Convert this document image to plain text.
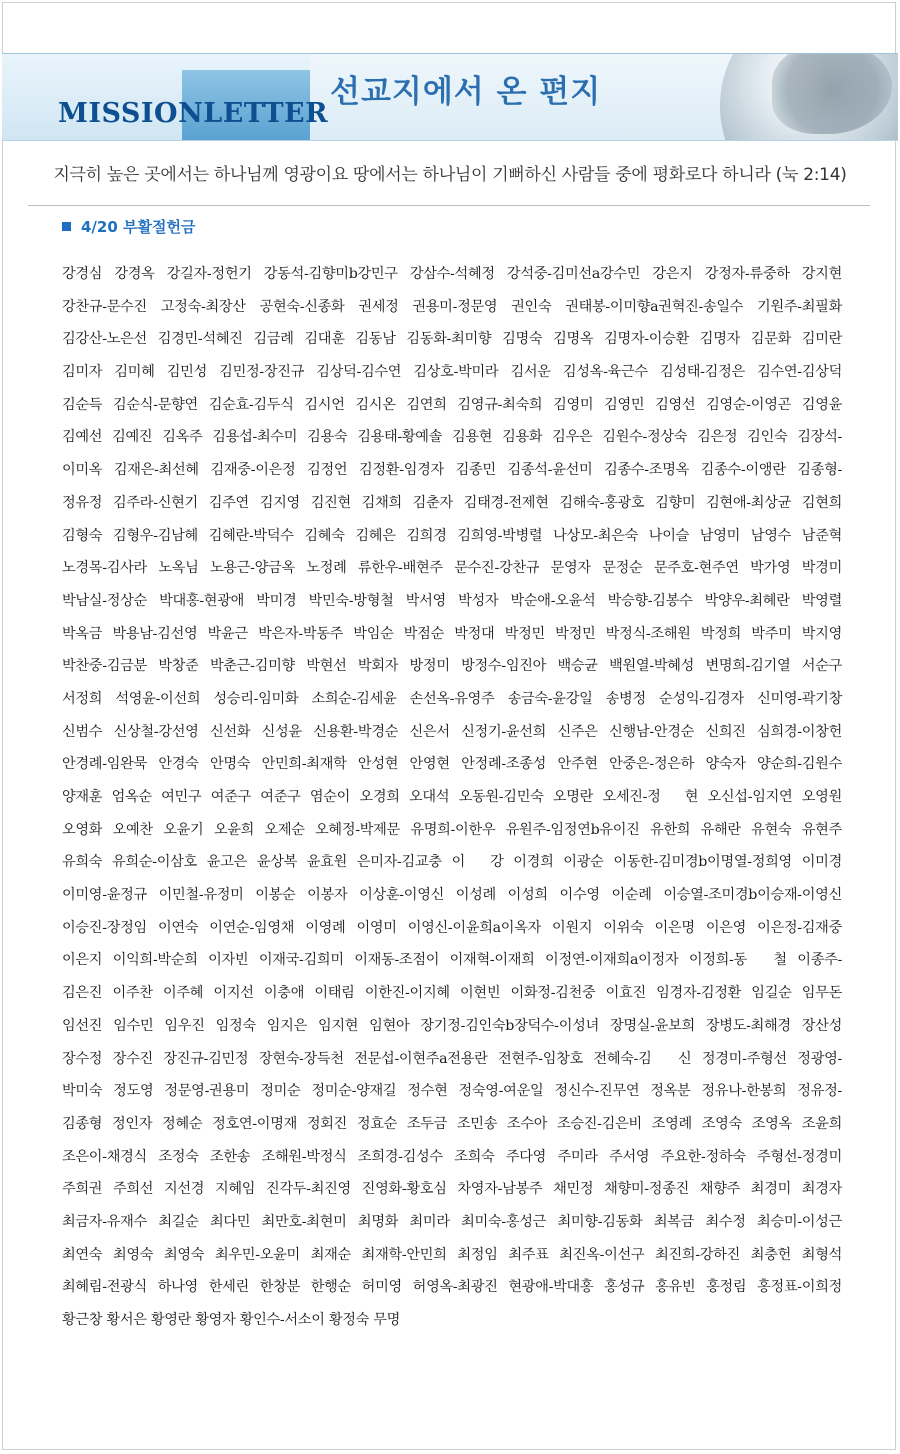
MISSIONLETTER
선교지에서 온 편지
지극히 높은 곳에서는 하나님께 영광이요 땅에서는 하나님이 기뻐하신 사람들 중에 평화로다 하니라 (눅 2:14)
4/20 부활절헌금
강경심 강경옥 강길자-정헌기 강동석-김향미b강민구 강삼수-석혜정 강석중-김미선a강수민 강은지 강정자-류중하 강지현
강찬규-문수진 고정숙-최장산 공현숙-신종화 권세정 권용미-정문영 권인숙 권태봉-이미향a권혁진-송일수 기원주-최필화
김강산-노은선 김경민-석혜진 김금례 김대훈 김동남 김동화-최미향 김명숙 김명옥 김명자-이승환 김명자 김문화 김미란
김미자 김미혜 김민성 김민정-장진규 김상덕-김수연 김상호-박미라 김서운 김성옥-육근수 김성태-김정은 김수연-김상덕
김순득 김순식-문향연 김순효-김두식 김시언 김시온 김연희 김영규-최숙희 김영미 김영민 김영선 김영순-이영곤 김영윤
김예선 김예진 김옥주 김용섭-최수미 김용숙 김용태-황예솔 김용현 김용화 김우은 김원수-정상숙 김은정 김인숙 김장석-
이미옥 김재은-최선혜 김재중-이은정 김정언 김정환-임경자 김종민 김종석-윤선미 김종수-조명옥 김종수-이앵란 김종형-
정유정 김주라-신현기 김주연 김지영 김진현 김채희 김춘자 김태경-전제현 김해숙-홍광호 김향미 김현애-최상균 김현희
김형숙 김형우-김남혜 김혜란-박덕수 김혜숙 김혜은 김희경 김희영-박병렬 나상모-최은숙 나이슬 남영미 남영수 남준혁
노경목-김사라 노옥님 노용근-양금옥 노정례 류한우-배현주 문수진-강찬규 문영자 문정순 문주호-현주연 박가영 박경미
박남실-정상순 박대홍-현광애 박미경 박민숙-방형철 박서영 박성자 박순애-오윤석 박승향-김봉수 박양우-최혜란 박영렬
박옥금 박용남-김선영 박윤근 박은자-박동주 박임순 박점순 박정대 박정민 박정민 박정식-조해원 박정희 박주미 박지영
박찬중-김금분 박창준 박춘근-김미향 박현선 박회자 방정미 방정수-임진아 백승균 백원열-박혜성 변명희-김기열 서순구
서정희 석영윤-이선희 성승리-임미화 소희순-김세윤 손선옥-유영주 송금숙-윤강일 송병정 순성익-김경자 신미영-곽기창
신범수 신상철-강선영 신선화 신성윤 신용환-박경순 신은서 신정기-윤선희 신주은 신행남-안경순 신희진 심희경-이창헌
안경례-임완묵 안경숙 안명숙 안민희-최재학 안성현 안영현 안정례-조종성 안주현 안중은-정은하 양숙자 양순희-김원수
양재훈 엄옥순 여민구 여준구 여준구 염순이 오경희 오대석 오동원-김민숙 오명란 오세진-정　현 오신섭-임지연 오영원
오영화 오예찬 오윤기 오윤희 오제순 오혜정-박제문 유명희-이한우 유원주-임정연b유이진 유한희 유해란 유현숙 유현주
유희숙 유희순-이삼호 윤고은 윤상복 윤효원 은미자-김교충 이　강 이경희 이광순 이동한-김미경b이명열-정희영 이미경
이미영-윤정규 이민철-유정미 이봉순 이봉자 이상훈-이영신 이성례 이성희 이수영 이순례 이승열-조미경b이승재-이영신
이승진-장정임 이연숙 이연순-임영채 이영례 이영미 이영신-이윤희a이옥자 이원지 이위숙 이은명 이은영 이은정-김재중
이은지 이익희-박순희 이자빈 이재국-김희미 이재동-조점이 이재혁-이재희 이정연-이재희a이정자 이정희-동　철 이종주-
김은진 이주찬 이주혜 이지선 이충애 이태림 이한진-이지혜 이현빈 이화정-김천중 이효진 임경자-김정환 임길순 임무돈
임선진 임수민 임우진 임정숙 임지은 임지현 임현아 장기정-김인숙b장덕수-이성녀 장명실-윤보희 장병도-최해경 장산성
장수정 장수진 장진규-김민정 장현숙-장득천 전문섭-이현주a전용란 전현주-임창호 전혜숙-김　신 정경미-주형선 정광영-
박미숙 정도영 정문영-권용미 정미순 정미순-양재길 정수현 정숙영-여운일 정신수-진무연 정옥분 정유나-한봉희 정유정-
김종형 정인자 정혜순 정호연-이명재 정회진 정효순 조두금 조민송 조수아 조승진-김은비 조영례 조영숙 조영옥 조윤희
조은이-채경식 조정숙 조한송 조해원-박정식 조희경-김성수 조희숙 주다영 주미라 주서영 주요한-정하숙 주형선-정경미
주희권 주희선 지선경 지혜임 진각두-최진영 진영화-황호심 차영자-남봉주 채민정 채향미-정종진 채향주 최경미 최경자
최금자-유재수 최길순 최다민 최만호-최현미 최명화 최미라 최미숙-홍성근 최미향-김동화 최복금 최수정 최승미-이성근
최연숙 최영숙 최영숙 최우민-오윤미 최재순 최재학-안민희 최정임 최주표 최진옥-이선구 최진희-강하진 최충헌 최형석
최혜림-전광식 하나영 한세린 한창분 한행순 허미영 허영옥-최광진 현광애-박대홍 홍성규 홍유빈 홍정림 홍정표-이희정
황근창 황서은 황영란 황영자 황인수-서소이 황정숙 무명
